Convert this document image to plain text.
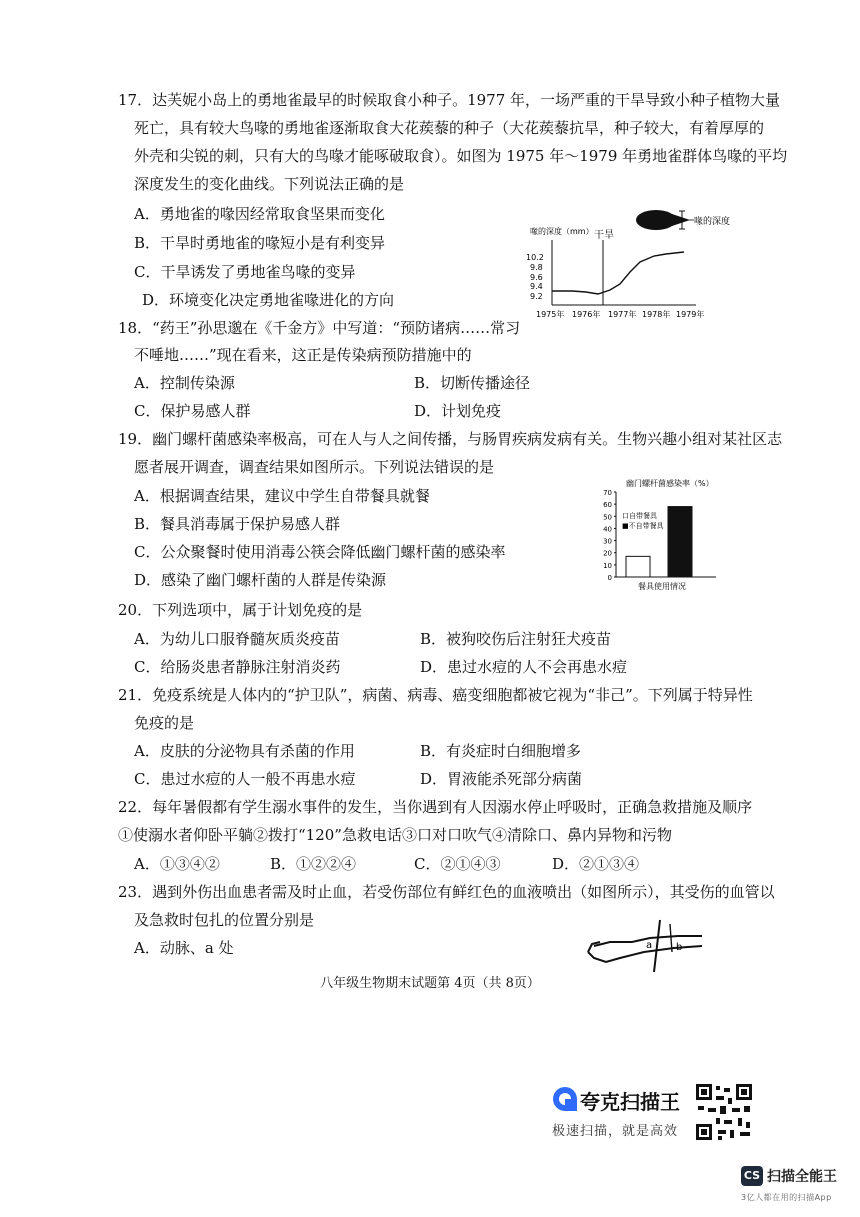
17．达芙妮小岛上的勇地雀最早的时候取食小种子。1977 年，一场严重的干旱导致小种子植物大量
死亡，具有较大鸟喙的勇地雀逐渐取食大花蒺藜的种子（大花蒺藜抗旱，种子较大，有着厚厚的
外壳和尖锐的刺，只有大的鸟喙才能啄破取食）。如图为 1975 年～1979 年勇地雀群体鸟喙的平均
深度发生的变化曲线。下列说法正确的是
A．勇地雀的喙因经常取食坚果而变化
B．干旱时勇地雀的喙短小是有利变异
C．干旱诱发了勇地雀鸟喙的变异
D．环境变化决定勇地雀喙进化的方向
喙的深度
喙的深度（mm）
10.2
9.8
9.6
9.4
9.2
1975年 1976年 1977年 1978年 1979年
干旱
18．“药王”孙思邈在《千金方》中写道：“预防诸病……常习
不唾地……”现在看来，这正是传染病预防措施中的
A．控制传染源	B．切断传播途径
C．保护易感人群	D．计划免疫
19．幽门螺杆菌感染率极高，可在人与人之间传播，与肠胃疾病发病有关。生物兴趣小组对某社区志
愿者展开调查，调查结果如图所示。下列说法错误的是
A．根据调查结果，建议中学生自带餐具就餐
B．餐具消毒属于保护易感人群
C．公众聚餐时使用消毒公筷会降低幽门螺杆菌的感染率
D．感染了幽门螺杆菌的人群是传染源
幽门螺杆菌感染率（%）
70
60
50
40
30
20
10
0
口自带餐具
■不自带餐具
餐具使用情况
20．下列选项中，属于计划免疫的是
A．为幼儿口服脊髓灰质炎疫苗	B．被狗咬伤后注射狂犬疫苗
C．给肠炎患者静脉注射消炎药	D．患过水痘的人不会再患水痘
21．免疫系统是人体内的“护卫队”，病菌、病毒、癌变细胞都被它视为“非己”。下列属于特异性
免疫的是
A．皮肤的分泌物具有杀菌的作用	B．有炎症时白细胞增多
C．患过水痘的人一般不再患水痘	D．胃液能杀死部分病菌
22．每年暑假都有学生溺水事件的发生，当你遇到有人因溺水停止呼吸时，正确急救措施及顺序
①使溺水者仰卧平躺②拨打“120”急救电话③口对口吹气④清除口、鼻内异物和污物
A．①③④②	B．①②②④	C．②①④③	D．②①③④
23．遇到外伤出血患者需及时止血，若受伤部位有鲜红色的血液喷出（如图所示），其受伤的血管以
及急救时包扎的位置分别是
A．动脉、a 处	a b
八年级生物期末试题第 4页（共 8页）
夸克扫描王
极速扫描，就是高效
CS 扫描全能王
3亿人都在用的扫描App
